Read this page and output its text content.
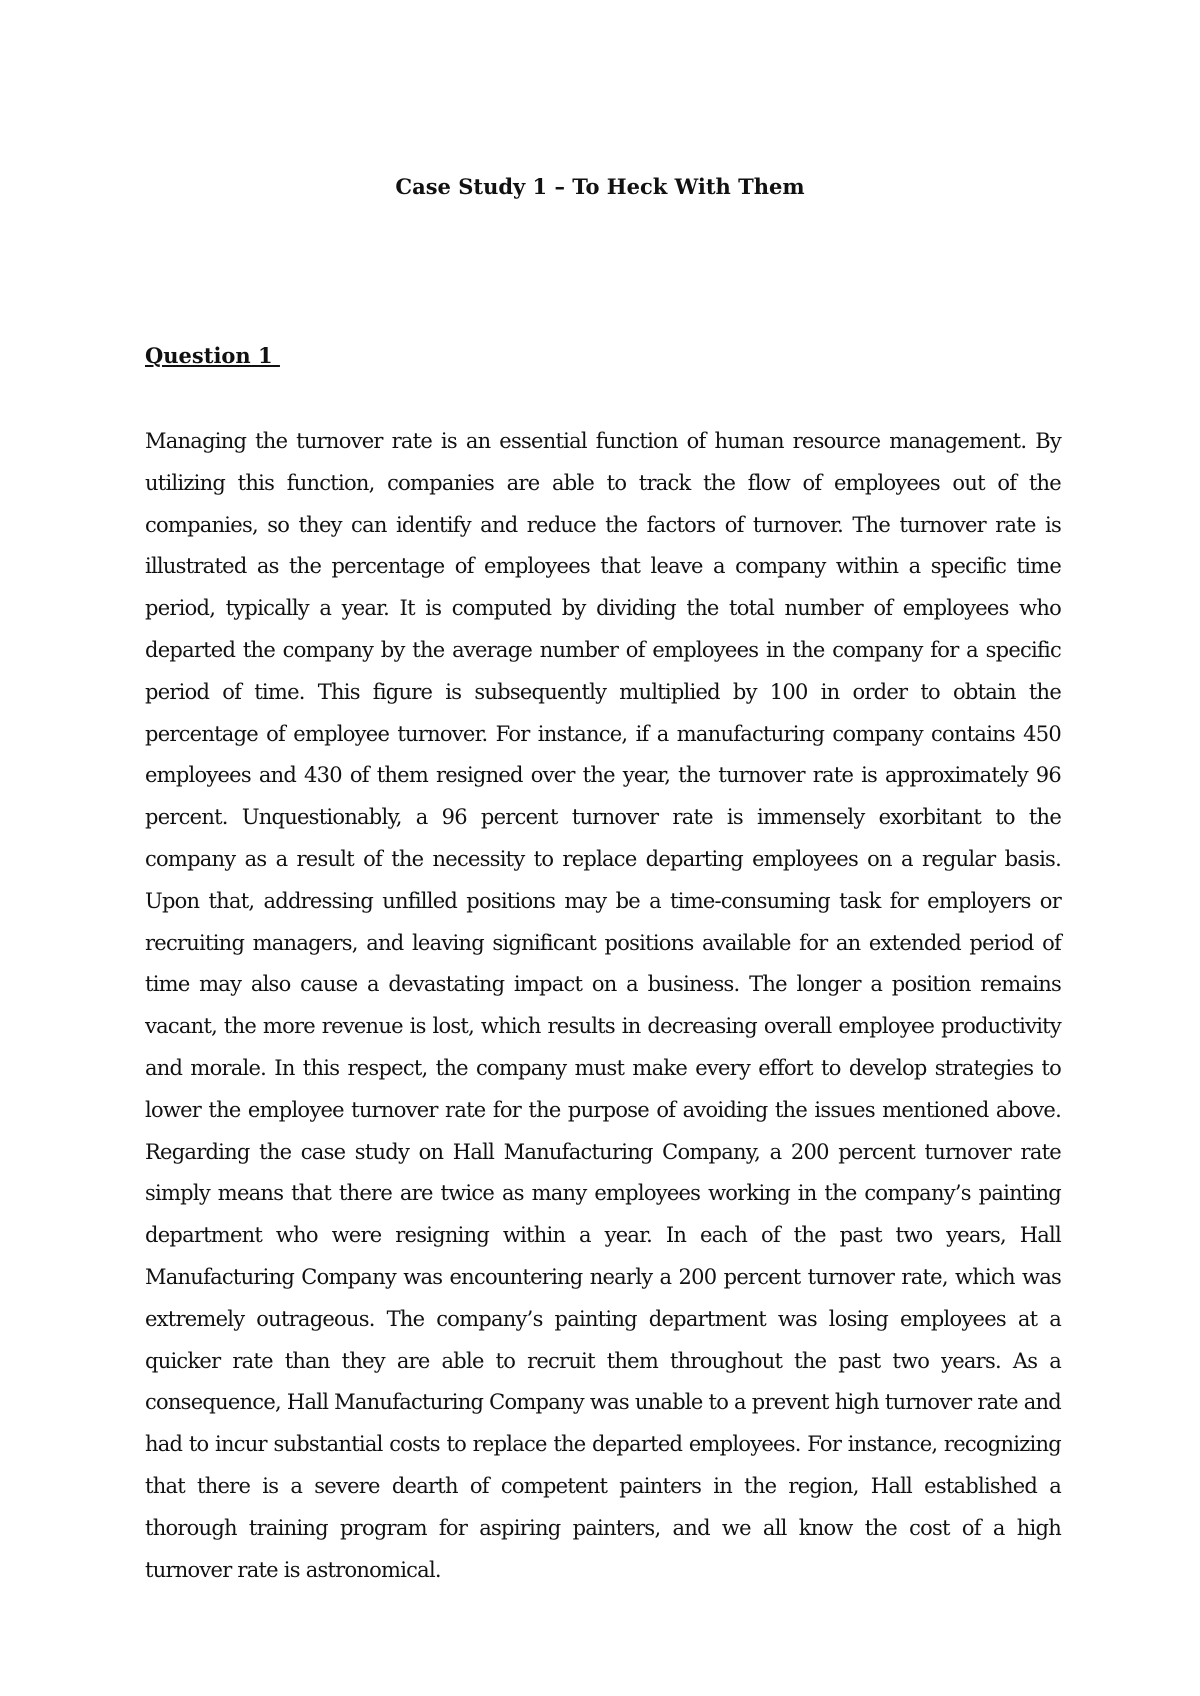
Case Study 1 – To Heck With Them
Question 1

Managing the turnover rate is an essential function of human resource management. By utilizing this function, companies are able to track the flow of employees out of the companies, so they can identify and reduce the factors of turnover. The turnover rate is illustrated as the percentage of employees that leave a company within a specific time period, typically a year. It is computed by dividing the total number of employees who departed the company by the average number of employees in the company for a specific period of time. This figure is subsequently multiplied by 100 in order to obtain the percentage of employee turnover. For instance, if a manufacturing company contains 450 employees and 430 of them resigned over the year, the turnover rate is approximately 96 percent. Unquestionably, a 96 percent turnover rate is immensely exorbitant to the company as a result of the necessity to replace departing employees on a regular basis. Upon that, addressing unfilled positions may be a time-consuming task for employers or recruiting managers, and leaving significant positions available for an extended period of time may also cause a devastating impact on a business. The longer a position remains vacant, the more revenue is lost, which results in decreasing overall employee productivity and morale. In this respect, the company must make every effort to develop strategies to lower the employee turnover rate for the purpose of avoiding the issues mentioned above. Regarding the case study on Hall Manufacturing Company, a 200 percent turnover rate simply means that there are twice as many employees working in the company’s painting department who were resigning within a year. In each of the past two years, Hall Manufacturing Company was encountering nearly a 200 percent turnover rate, which was extremely outrageous. The company’s painting department was losing employees at a quicker rate than they are able to recruit them throughout the past two years. As a consequence, Hall Manufacturing Company was unable to a prevent high turnover rate and had to incur substantial costs to replace the departed employees. For instance, recognizing that there is a severe dearth of competent painters in the region, Hall established a thorough training program for aspiring painters, and we all know the cost of a high turnover rate is astronomical.
